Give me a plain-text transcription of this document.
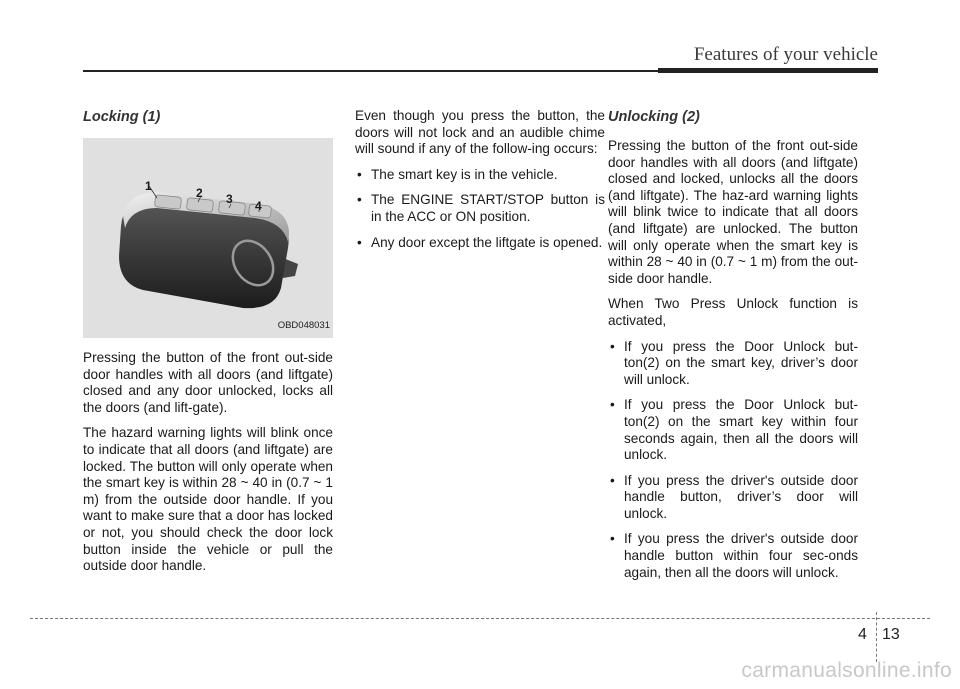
Features of your vehicle
Locking (1)
1	2 3 4
OBD048031

Pressing the button of the front out-side door handles with all doors (and liftgate) closed and any door unlocked, locks all the doors (and lift-gate).

The hazard warning lights will blink once to indicate that all doors (and liftgate) are locked. The button will only operate when the smart key is within 28 ~ 40 in (0.7 ~ 1 m) from the outside door handle. If you want to make sure that a door has locked or not, you should check the door lock button inside the vehicle or pull the outside door handle.

Even though you press the button, the doors will not lock and an audible chime will sound if any of the follow-ing occurs:

• The smart key is in the vehicle.
• The ENGINE START/STOP button is in the ACC or ON position.
• Any door except the liftgate is opened.
Unlocking (2)

Pressing the button of the front out-side door handles with all doors (and liftgate) closed and locked, unlocks all the doors (and liftgate). The haz-ard warning lights will blink twice to indicate that all doors (and liftgate) are unlocked. The button will only operate when the smart key is within 28 ~ 40 in (0.7 ~ 1 m) from the out-side door handle.

When Two Press Unlock function is activated,

• If you press the Door Unlock but-ton(2) on the smart key, driver’s door will unlock.
• If you press the Door Unlock but-ton(2) on the smart key within four seconds again, then all the doors will unlock.
• If you press the driver's outside door handle button, driver’s door will unlock.
• If you press the driver's outside door handle button within four sec-onds again, then all the doors will unlock.
4 13
carmanualsonline.info
